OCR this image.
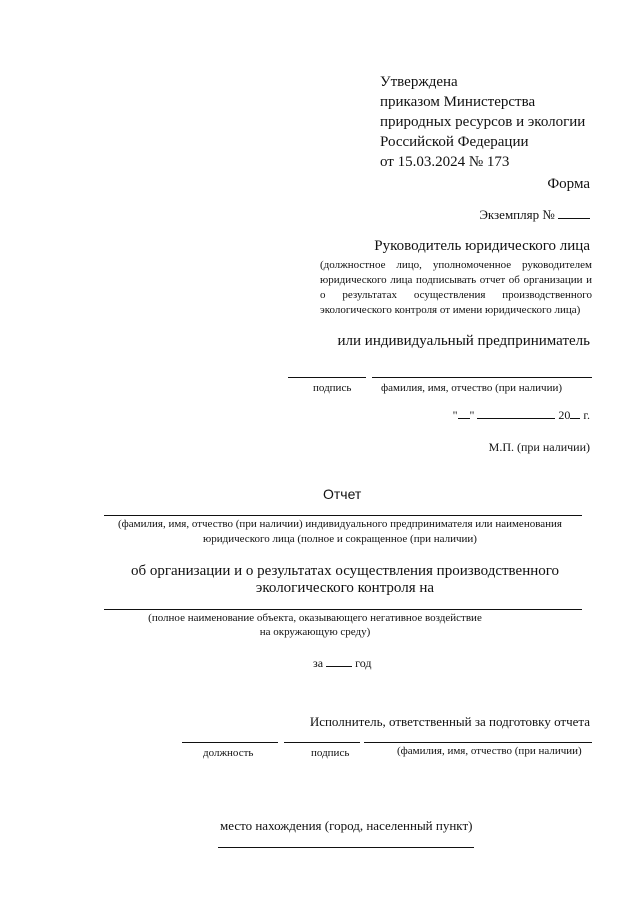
Утверждена
приказом Министерства
природных ресурсов и экологии
Российской Федерации
от 15.03.2024 № 173
Форма
Экземпляр №
Руководитель юридического лица
(должностное лицо, уполномоченное руководителем юридического лица подписывать отчет об организации и о результатах осуществления производственного экологического контроля от имени юридического лица)
или индивидуальный предприниматель
подпись	фамилия, имя, отчество (при наличии)
" "	20 г.
М.П. (при наличии)
Отчет
(фамилия, имя, отчество (при наличии) индивидуального предпринимателя или наименования
юридического лица (полное и сокращенное (при наличии)
об организации и о результатах осуществления производственного
экологического контроля на
(полное наименование объекта, оказывающего негативное воздействие
на окружающую среду)
за	год
Исполнитель, ответственный за подготовку отчета
должность	подпись	(фамилия, имя, отчество (при наличии)
место нахождения (город, населенный пункт)
